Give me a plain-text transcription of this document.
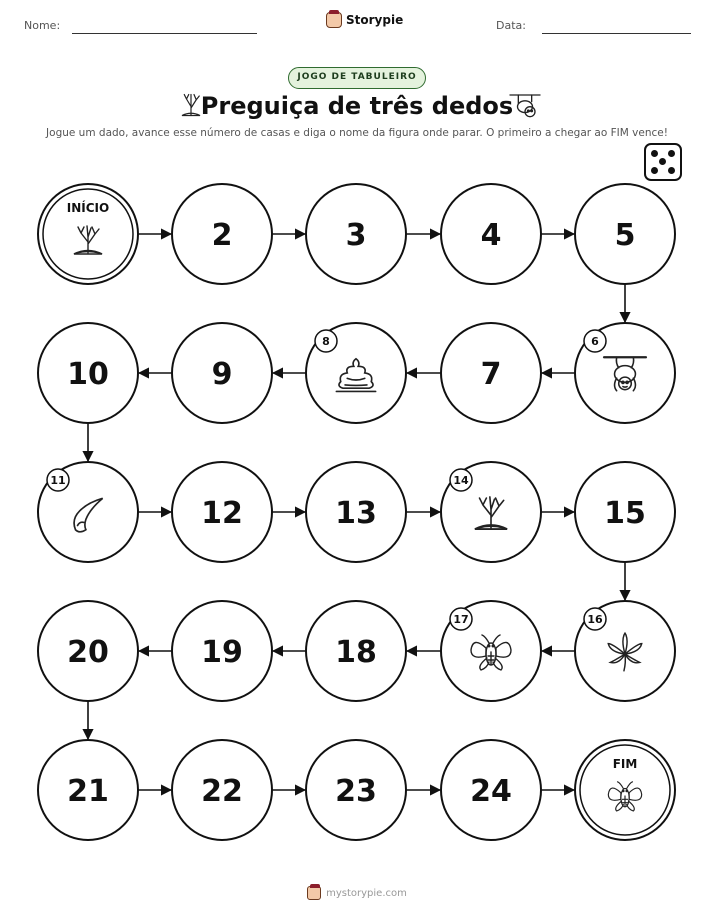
Nome:	Storypie	Data:
JOGO DE TABULEIRO
Preguiça de três dedos
Jogue um dado, avance esse número de casas e diga o nome da figura onde parar. O primeiro a chegar ao FIM vence!
INÍCIO
2	3	4	5
6
7
8
9
10
11
12	13
14
15
16
17
18
19
20
21	22	23	24
FIM
mystorypie.com
